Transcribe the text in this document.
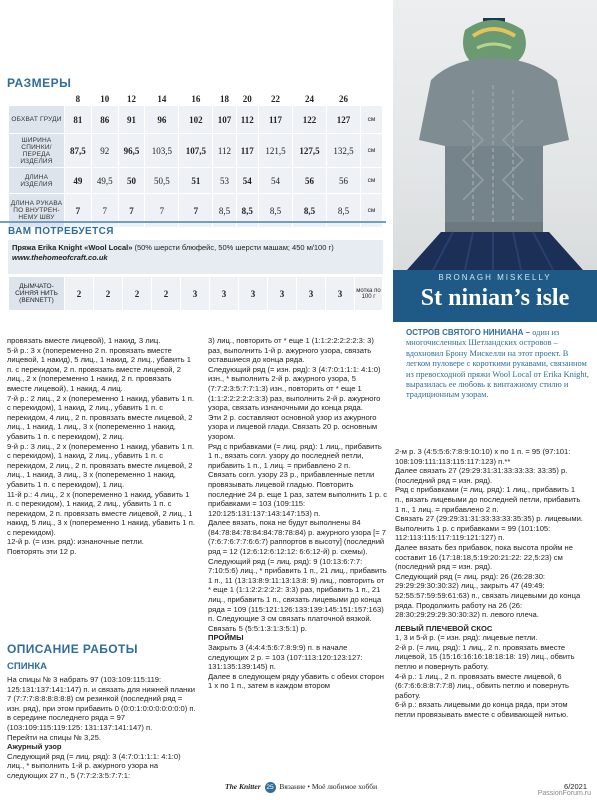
BRONAGH MISKELLY
St ninian’s isle
ОСТРОВ СВЯТОГО НИНИАНА – один из многочисленных Шетландских островов – вдохновил Брону Мискелли на этот проект. В легком пуловере с короткими рукавами, связанном из превосходной пряжи Wool Local от Erika Knight, выразилась ее любовь к винтажному стилю и традиционным узорам.
РАЗМЕРЫ
	8	10	12	14	16	18	20	22	24	26	
ОБХВАТ ГРУДИ	81	86	91	96	102	107	112	117	122	127	см
ШИРИНА СПИНКИ/ ПЕРЕДА ИЗДЕЛИЯ	87,5	92	96,5	103,5	107,5	112	117	121,5	127,5	132,5	см
ДЛИНА ИЗДЕЛИЯ	49	49,5	50	50,5	51	53	54	54	56	56	см
ДЛИНА РУКАВА ПО ВНУТРЕН- НЕМУ ШВУ	7	7	7	7	7	8,5	8,5	8,5	8,5	8,5	см
ВАМ ПОТРЕБУЕТСЯ
Пряжа Erika Knight «Wool Local» (50% шерсти блюфейс, 50% шерсти машам; 450 м/100 г)
www.thehomeofcraft.co.uk
ДЫМЧАТО- СИНЯЯ НИТЬ (BENNETT)	2	2	2	2	3	3	3	3	3	3	мотка по 100 г

провязать вместе лицевой), 1 накид, 3 лиц.

5-й р.: 3 х (попеременно 2 п. провязать вместе лицевой, 1 накид), 5 лиц., 1 накид, 2 лиц., убавить 1 п. с перекидом, 2 п. провязать вместе лицевой, 2 лиц., 2 х (попеременно 1 накид, 2 п. провязать вместе лицевой), 1 накид, 4 лиц.

7-й р.: 2 лиц., 2 х (попеременно 1 накид, убавить 1 п. с перекидом), 1 накид, 2 лиц., убавить 1 п. с перекидом, 4 лиц., 2 п. провязать вместе лицевой, 2 лиц., 1 накид, 1 лиц., 3 х (попеременно 1 накид, убавить 1 п. с перекидом), 2 лиц.

9-й р.: 3 лиц., 2 х (попеременно 1 накид, убавить 1 п. с перекидом), 1 накид, 2 лиц., убавить 1 п. с перекидом, 2 лиц., 2 п. провязать вместе лицевой, 2 лиц., 1 накид, 3 лиц., 3 х (попеременно 1 накид, убавить 1 п. с перекидом), 1 лиц.

11-й р.: 4 лиц., 2 х (попеременно 1 накид, убавить 1 п. с перекидом), 1 накид, 2 лиц., убавить 1 п. с перекидом, 2 п. провязать вместе лицевой, 2 лиц., 1 накид, 5 лиц., 3 х (попеременно 1 накид, убавить 1 п. с перекидом).

12-й р. (= изн. ряд): изнаночные петли.

Повторять эти 12 р.

ОПИСАНИЕ РАБОТЫ
СПИНКА

На спицы № 3 набрать 97 (103:109:115:119: 125:131:137:141:147) п. и связать для нижней планки 7 (7:7:7:8:8:8:8:8:8) см резинкой (последний ряд = изн. ряд), при этом прибавить 0 (0:0:1:0:0:0:0:0:0:0) п. в середине последнего ряда = 97 (103:109:115:119:125: 131:137:141:147) п.

Перейти на спицы № 3,25.

Ажурный узор

Следующий ряд (= лиц. ряд): 3 (4:7:0:1:1:1: 4:1:0) лиц., * выполнить 1-й р. ажурного узора на следующих 27 п., 5 (7:7:2:3:5:7:7:1:

3) лиц., повторить от * еще 1 (1:1:2:2:2:2:2:3: 3) раз, выполнить 1-й р. ажурного узора, связать оставшиеся до конца ряда.

Следующий ряд (= изн. ряд): 3 (4:7:0:1:1:1: 4:1:0) изн., * выполнить 2-й р. ажурного узора, 5 (7:7:2:3:5:7:7:1:3) изн., повторить от * еще 1 (1:1:2:2:2:2:2:3:3) раз, выполнить 2-й р. ажурного узора, связать изнаночными до конца ряда.

Эти 2 р. составляют основной узор из ажурного узора и лицевой глади. Связать 20 р. основным узором.

Ряд с прибавками (= лиц. ряд): 1 лиц., прибавить 1 п., вязать согл. узору до последней петли, прибавить 1 п., 1 лиц. = прибавлено 2 п.

Связать согл. узору 23 р., прибавленные петли провязывать лицевой гладью. Повторить последние 24 р. еще 1 раз, затем выполнить 1 р. с прибавками = 103 (109:115: 120:125:131:137:143:147:153) п.

Далее вязать, пока не будут выполнены 84 (84:78:84:78:84:84:78:78:84) р. ажурного узора [= 7 (7:6:7:6:7:7:6:6:7) раппортов в высоту] (последний ряд = 12 (12:6:12:6:12:12: 6:6:12-й) р. схемы).

Следующий ряд (= лиц. ряд): 9 (10:13:6:7:7: 7:10:5:6) лиц., * прибавить 1 п., 21 лиц., прибавить 1 п., 11 (13:13:8:9:11:13:13:8: 9) лиц., повторить от * еще 1 (1:1:2:2:2:2:2: 3:3) раз, прибавить 1 п., 21 лиц., прибавить 1 п., связать лицевыми до конца ряда = 109 (115:121:126:133:139:145:151:157:163) п. Следующие 3 см связать платочной вязкой.

Связать 5 (5:5:1:3:1:3:5:1) р.

ПРОЙМЫ

Закрыть 3 (4:4:4:5:6:7:8:9:9) п. в начале следующих 2 р. = 103 (107:113:120:123:127: 131:135:139:145) п.

Далее в следующем ряду убавить с обеих сторон 1 х по 1 п., затем в каждом втором

2-м р. 3 (4:5:5:6:7:8:9:10:10) х по 1 п. = 95 (97:101: 108:109:111:113:115:117:123) п.**

Далее связать 27 (29:29:31:31:33:33:33: 33:35) р. (последний ряд = изн. ряд).

Ряд с прибавками (= лиц. ряд): 1 лиц., прибавить 1 п., вязать лицевыми до последней петли, прибавить 1 п., 1 лиц. = прибавлено 2 п.

Связать 27 (29:29:31:31:33:33:33:35:35) р. лицевыми.

Выполнить 1 р. с прибавками = 99 (101:105: 112:113:115:117:119:121:127) п.

Далее вязать без прибавок, пока высота пройм не составит 16 (17:18:18,5:19:20:21:22: 22,5:23) см (последний ряд = изн. ряд).

Следующий ряд (= лиц. ряд): 26 (26:28:30: 29:29:29:30:30:32) лиц., закрыть 47 (49:49: 52:55:57:59:59:61:63) п., связать лицевыми до конца ряда. Продолжить работу на 26 (26: 28:30:29:29:29:30:30:32) п. левого плеча.

ЛЕВЫЙ ПЛЕЧЕВОЙ СКОС

1, 3 и 5-й р. (= изн. ряд): лицевые петли.

2-й р. (= лиц. ряд): 1 лиц., 2 п. провязать вместе лицевой, 15 (15:16:16:16:18:18:18: 19) лиц., обвить петлю и повернуть работу.

4-й р.: 1 лиц., 2 п. провязать вместе лицевой, 6 (6:7:6:6:8:8:7:7:8) лиц., обвить петлю и повернуть работу.

6-й р.: вязать лицевыми до конца ряда, при этом петли провязывать вместе с обвивающей нитью.

The Knitter 25 Вязание • Моё любимое хобби	6/2021
PassionForum.ru
